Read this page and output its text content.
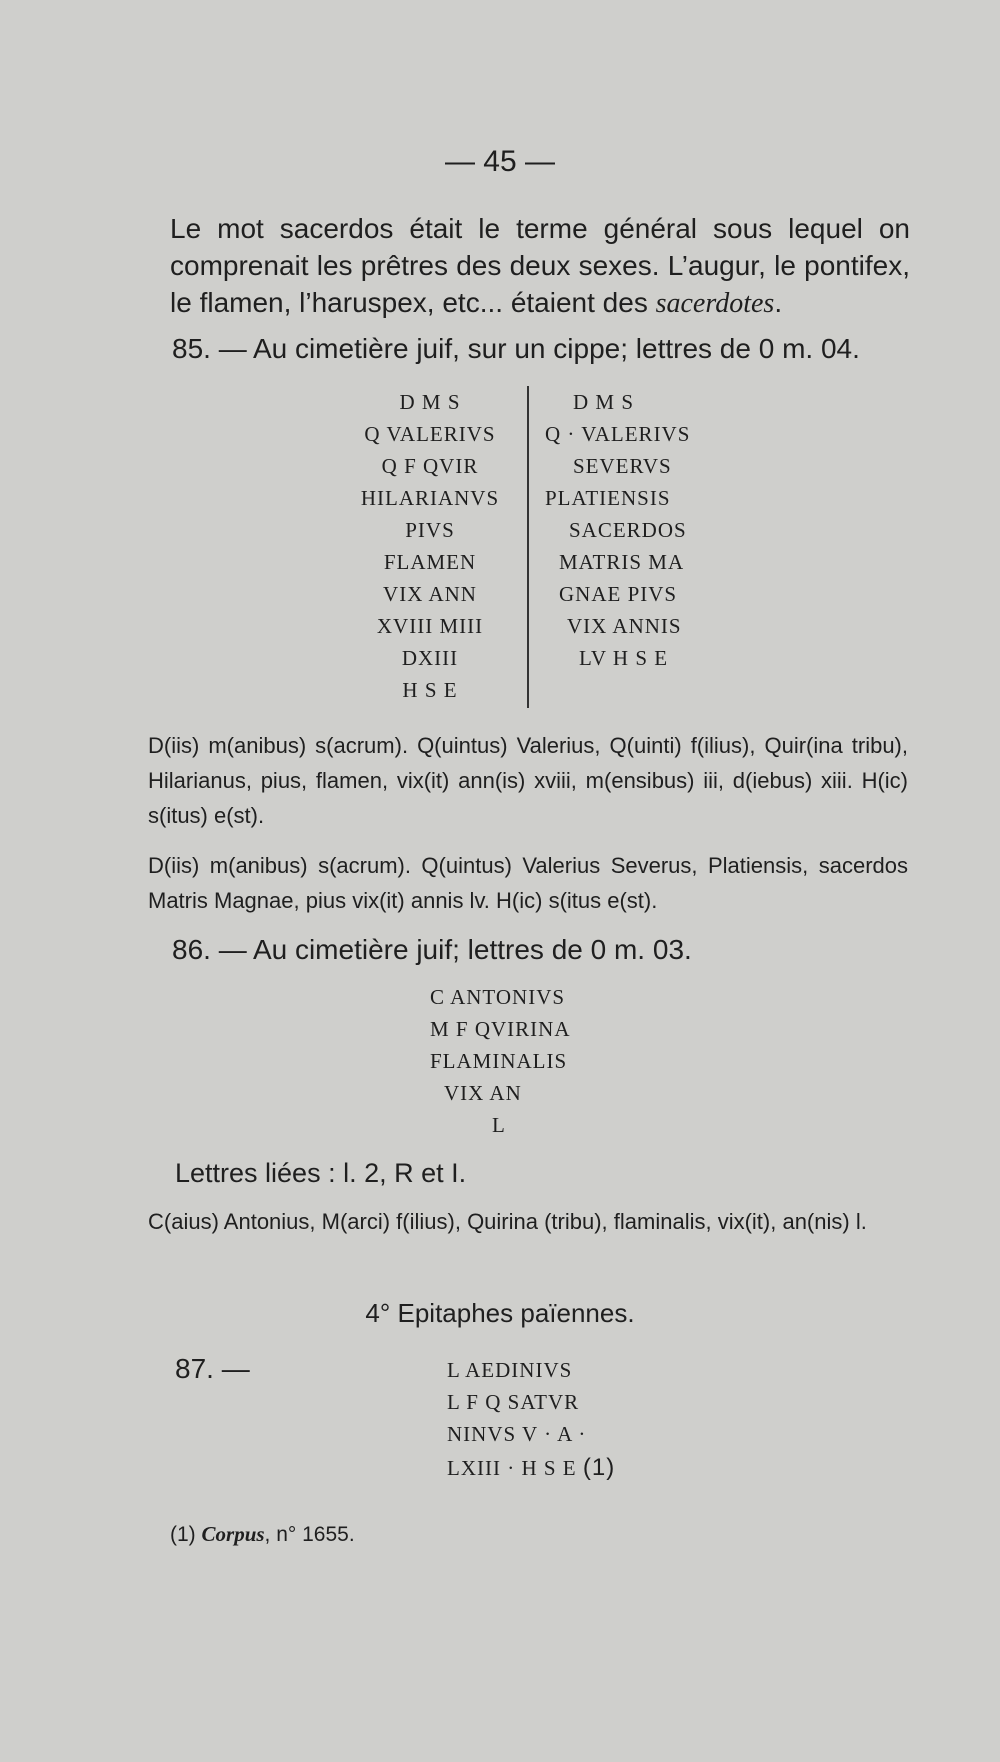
— 45 —

Le mot sacerdos était le terme général sous lequel on comprenait les prêtres des deux sexes. L’augur, le pontifex, le flamen, l’haruspex, etc... étaient des sacerdotes.

85. — Au cimetière juif, sur un cippe; lettres de 0 m. 04.
D M S
Q VALERIVS
Q F QVIR
HILARIANVS
PIVS
FLAMEN
VIX ANN
XVIII MIII
DXIII
H S E
D M S
Q · VALERIVS
SEVERVS
PLATIENSIS
SACERDOS
MATRIS MA
GNAE PIVS
VIX ANNIS
LV H S E

D(iis) m(anibus) s(acrum). Q(uintus) Valerius, Q(uinti) f(ilius), Quir(ina tribu), Hilarianus, pius, flamen, vix(it) ann(is) xviii, m(ensibus) iii, d(iebus) xiii. H(ic) s(itus) e(st).

D(iis) m(anibus) s(acrum). Q(uintus) Valerius Severus, Platiensis, sacerdos Matris Magnae, pius vix(it) annis lv. H(ic) s(itus e(st).

86. — Au cimetière juif; lettres de 0 m. 03.
C ANTONIVS
M F QVIRINA
FLAMINALIS
VIX AN
L
Lettres liées : l. 2, R et I.

C(aius) Antonius, M(arci) f(ilius), Quirina (tribu), flaminalis, vix(it), an(nis) l.

4° Epitaphes païennes.
87. —	L AEDINIVS
L F Q SATVR
NINVS V · A ·
LXIII · H S E (1)
(1) Corpus, n° 1655.
